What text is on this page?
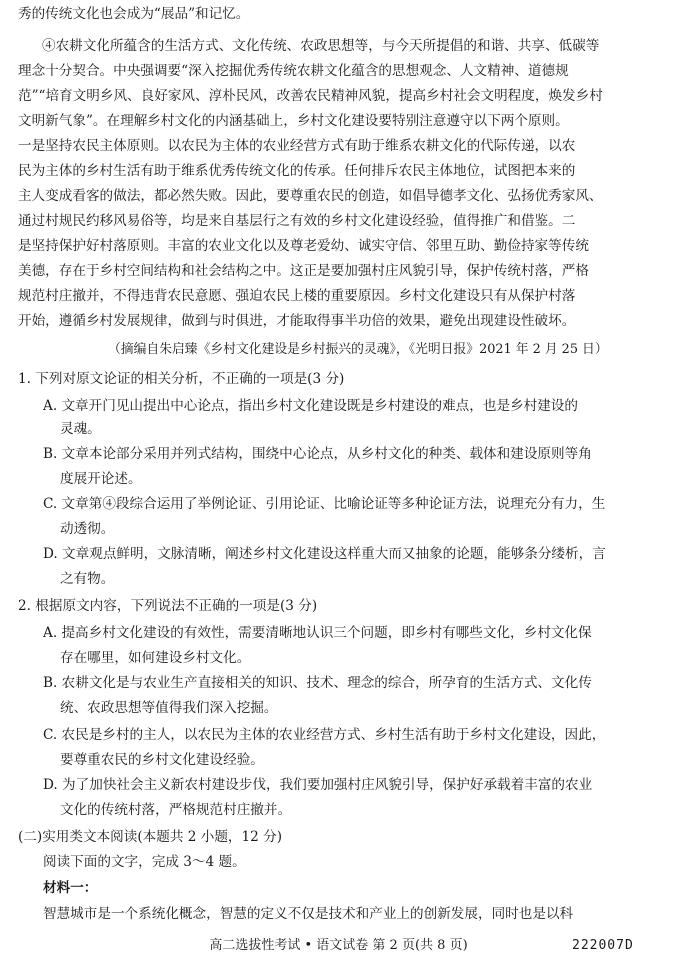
秀的传统文化也会成为“展品”和记忆。
④农耕文化所蕴含的生活方式、文化传统、农政思想等，与今天所提倡的和谐、共享、低碳等
理念十分契合。中央强调要“深入挖掘优秀传统农耕文化蕴含的思想观念、人文精神、道德规
范”“培育文明乡风、良好家风、淳朴民风，改善农民精神风貌，提高乡村社会文明程度，焕发乡村
文明新气象”。在理解乡村文化的内涵基础上，乡村文化建设要特别注意遵守以下两个原则。
一是坚持农民主体原则。以农民为主体的农业经营方式有助于维系农耕文化的代际传递，以农
民为主体的乡村生活有助于维系优秀传统文化的传承。任何排斥农民主体地位，试图把本来的
主人变成看客的做法，都必然失败。因此，要尊重农民的创造，如倡导德孝文化、弘扬优秀家风、
通过村规民约移风易俗等，均是来自基层行之有效的乡村文化建设经验，值得推广和借鉴。二
是坚持保护好村落原则。丰富的农业文化以及尊老爱幼、诚实守信、邻里互助、勤俭持家等传统
美德，存在于乡村空间结构和社会结构之中。这正是要加强村庄风貌引导，保护传统村落，严格
规范村庄撤并，不得违背农民意愿、强迫农民上楼的重要原因。乡村文化建设只有从保护村落
开始，遵循乡村发展规律，做到与时俱进，才能取得事半功倍的效果，避免出现建设性破坏。
（摘编自朱启臻《乡村文化建设是乡村振兴的灵魂》，《光明日报》2021 年 2 月 25 日）
1. 下列对原文论证的相关分析，不正确的一项是(3 分)
A. 文章开门见山提出中心论点，指出乡村文化建设既是乡村建设的难点，也是乡村建设的
灵魂。
B. 文章本论部分采用并列式结构，围绕中心论点，从乡村文化的种类、载体和建设原则等角
度展开论述。
C. 文章第④段综合运用了举例论证、引用论证、比喻论证等多种论证方法，说理充分有力，生
动透彻。
D. 文章观点鲜明，文脉清晰，阐述乡村文化建设这样重大而又抽象的论题，能够条分缕析，言
之有物。
2. 根据原文内容，下列说法不正确的一项是(3 分)
A. 提高乡村文化建设的有效性，需要清晰地认识三个问题，即乡村有哪些文化，乡村文化保
存在哪里，如何建设乡村文化。
B. 农耕文化是与农业生产直接相关的知识、技术、理念的综合，所孕育的生活方式、文化传
统、农政思想等值得我们深入挖掘。
C. 农民是乡村的主人，以农民为主体的农业经营方式、乡村生活有助于乡村文化建设，因此，
要尊重农民的乡村文化建设经验。
D. 为了加快社会主义新农村建设步伐，我们要加强村庄风貌引导，保护好承载着丰富的农业
文化的传统村落，严格规范村庄撤并。
(二)实用类文本阅读(本题共 2 小题，12 分)
阅读下面的文字，完成 3～4 题。
材料一：
智慧城市是一个系统化概念，智慧的定义不仅是技术和产业上的创新发展，同时也是以科
高二选拔性考试 • 语文试卷 第 2 页(共 8 页)	222007D
